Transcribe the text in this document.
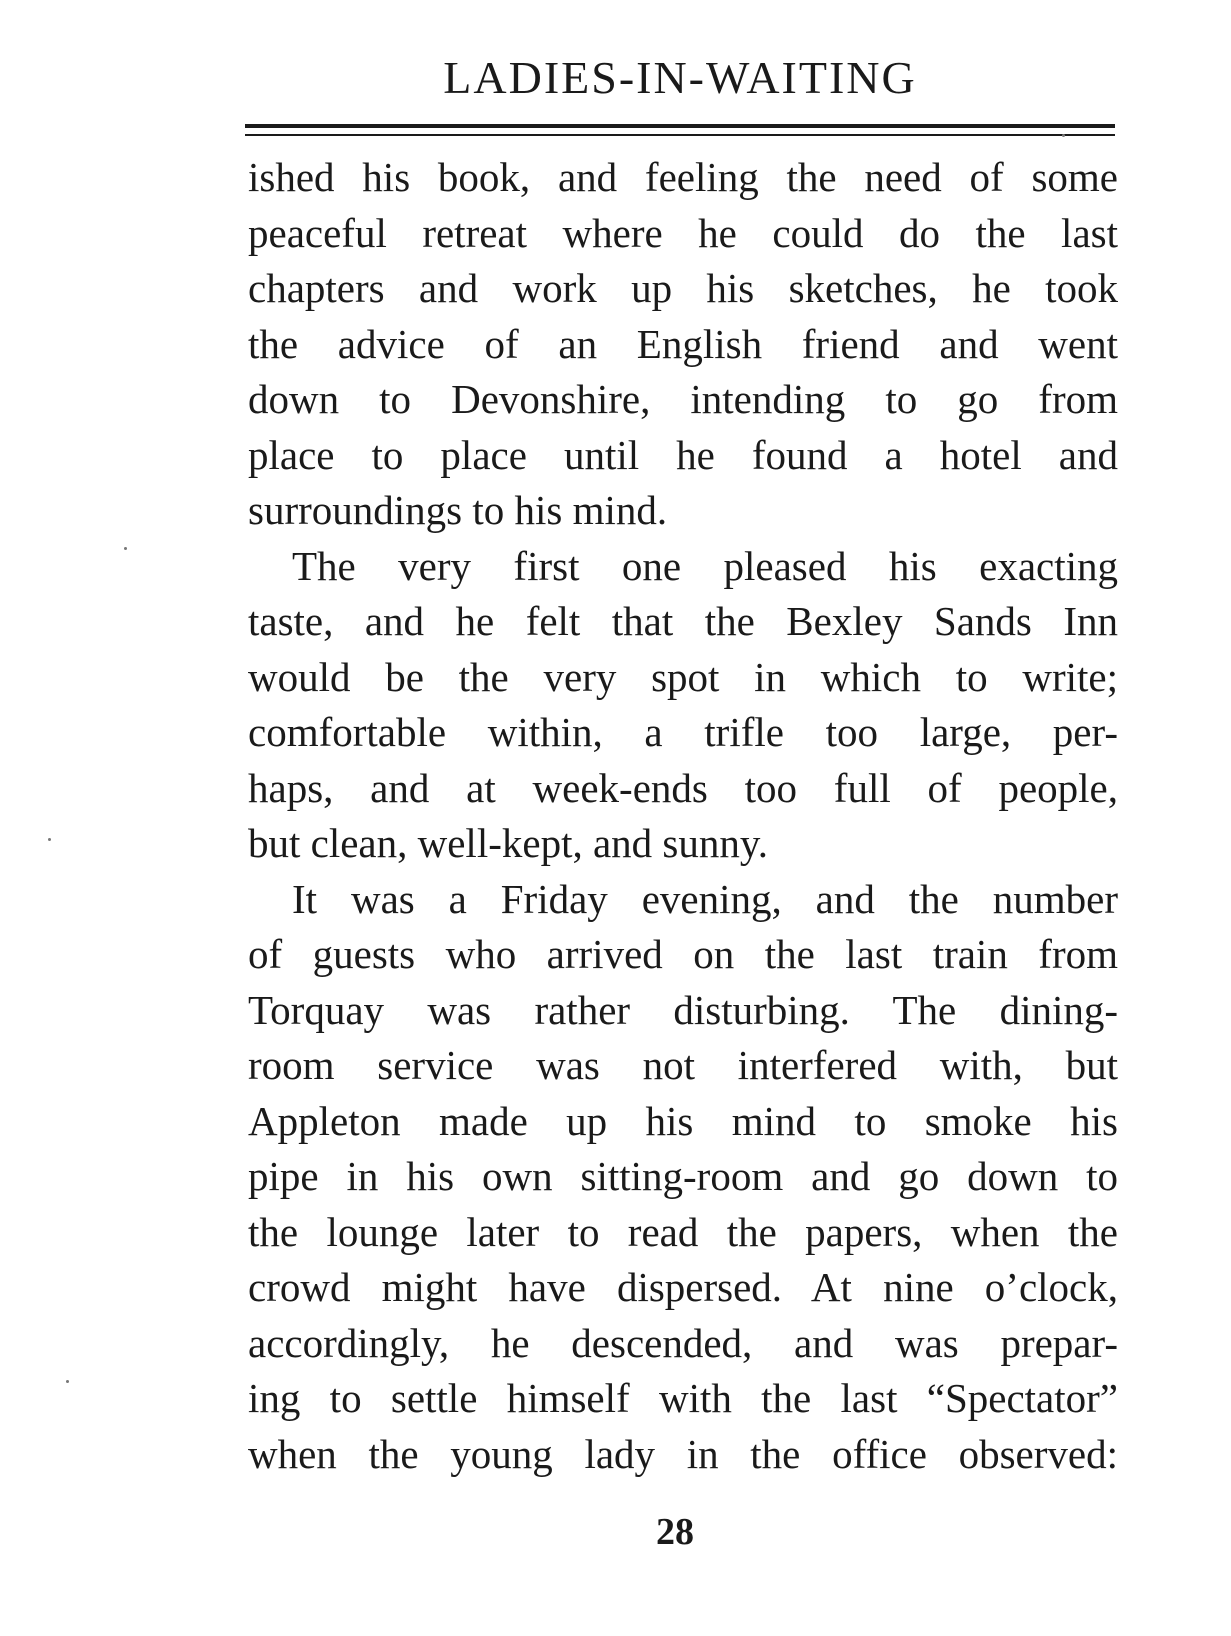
LADIES-IN-WAITING
ished his book, and feeling the need of some
peaceful retreat where he could do the last
chapters and work up his sketches, he took
the advice of an English friend and went
down to Devonshire, intending to go from
place to place until he found a hotel and
surroundings to his mind.
The very first one pleased his exacting
taste, and he felt that the Bexley Sands Inn
would be the very spot in which to write;
comfortable within, a trifle too large, per-
haps, and at week-ends too full of people,
but clean, well-kept, and sunny.
It was a Friday evening, and the number
of guests who arrived on the last train from
Torquay was rather disturbing. The dining-
room service was not interfered with, but
Appleton made up his mind to smoke his
pipe in his own sitting-room and go down to
the lounge later to read the papers, when the
crowd might have dispersed. At nine o’clock,
accordingly, he descended, and was prepar-
ing to settle himself with the last “Spectator”
when the young lady in the office observed:
28
